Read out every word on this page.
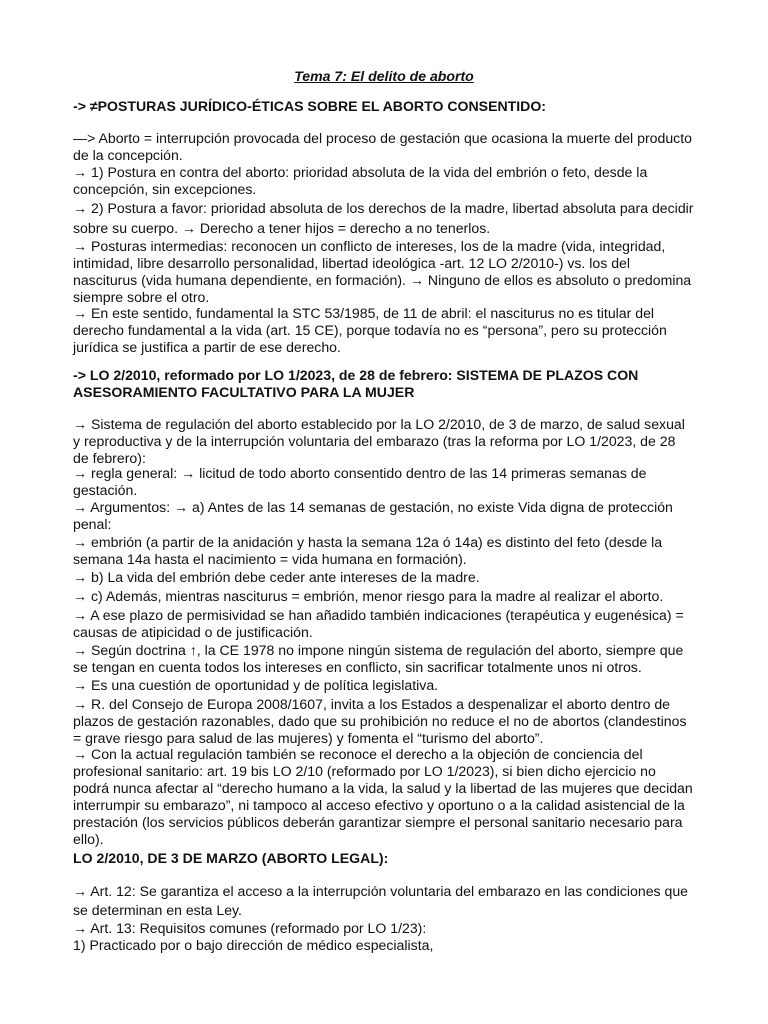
Tema 7: El delito de aborto
-> ≠POSTURAS JURÍDICO-ÉTICAS SOBRE EL ABORTO CONSENTIDO:
—> Aborto = interrupción provocada del proceso de gestación que ocasiona la muerte del producto de la concepción.
→ 1) Postura en contra del aborto: prioridad absoluta de la vida del embrión o feto, desde la concepción, sin excepciones.
→ 2) Postura a favor: prioridad absoluta de los derechos de la madre, libertad absoluta para decidir sobre su cuerpo. → Derecho a tener hijos = derecho a no tenerlos.
→ Posturas intermedias: reconocen un conflicto de intereses, los de la madre (vida, integridad, intimidad, libre desarrollo personalidad, libertad ideológica -art. 12 LO 2/2010-) vs. los del nasciturus (vida humana dependiente, en formación). → Ninguno de ellos es absoluto o predomina siempre sobre el otro.
→ En este sentido, fundamental la STC 53/1985, de 11 de abril: el nasciturus no es titular del derecho fundamental a la vida (art. 15 CE), porque todavía no es “persona”, pero su protección jurídica se justifica a partir de ese derecho.
-> LO 2/2010, reformado por LO 1/2023, de 28 de febrero: SISTEMA DE PLAZOS CON ASESORAMIENTO FACULTATIVO PARA LA MUJER
→ Sistema de regulación del aborto establecido por la LO 2/2010, de 3 de marzo, de salud sexual y reproductiva y de la interrupción voluntaria del embarazo (tras la reforma por LO 1/2023, de 28 de febrero):
→ regla general: → licitud de todo aborto consentido dentro de las 14 primeras semanas de gestación.
→ Argumentos: → a) Antes de las 14 semanas de gestación, no existe Vida digna de protección penal:
→ embrión (a partir de la anidación y hasta la semana 12a ó 14a) es distinto del feto (desde la semana 14a hasta el nacimiento = vida humana en formación).
→ b) La vida del embrión debe ceder ante intereses de la madre.
→ c) Además, mientras nasciturus = embrión, menor riesgo para la madre al realizar el aborto.
→ A ese plazo de permisividad se han añadido también indicaciones (terapéutica y eugenésica) = causas de atipicidad o de justificación.
→ Según doctrina ↑, la CE 1978 no impone ningún sistema de regulación del aborto, siempre que se tengan en cuenta todos los intereses en conflicto, sin sacrificar totalmente unos ni otros.
→ Es una cuestión de oportunidad y de política legislativa.
→ R. del Consejo de Europa 2008/1607, invita a los Estados a despenalizar el aborto dentro de plazos de gestación razonables, dado que su prohibición no reduce el no de abortos (clandestinos = grave riesgo para salud de las mujeres) y fomenta el “turismo del aborto”.
→ Con la actual regulación también se reconoce el derecho a la objeción de conciencia del profesional sanitario: art. 19 bis LO 2/10 (reformado por LO 1/2023), si bien dicho ejercicio no podrá nunca afectar al “derecho humano a la vida, la salud y la libertad de las mujeres que decidan interrumpir su embarazo”, ni tampoco al acceso efectivo y oportuno o a la calidad asistencial de la prestación (los servicios públicos deberán garantizar siempre el personal sanitario necesario para ello).
LO 2/2010, DE 3 DE MARZO (ABORTO LEGAL):
→ Art. 12: Se garantiza el acceso a la interrupción voluntaria del embarazo en las condiciones que se determinan en esta Ley.
→ Art. 13: Requisitos comunes (reformado por LO 1/23):
1) Practicado por o bajo dirección de médico especialista,
